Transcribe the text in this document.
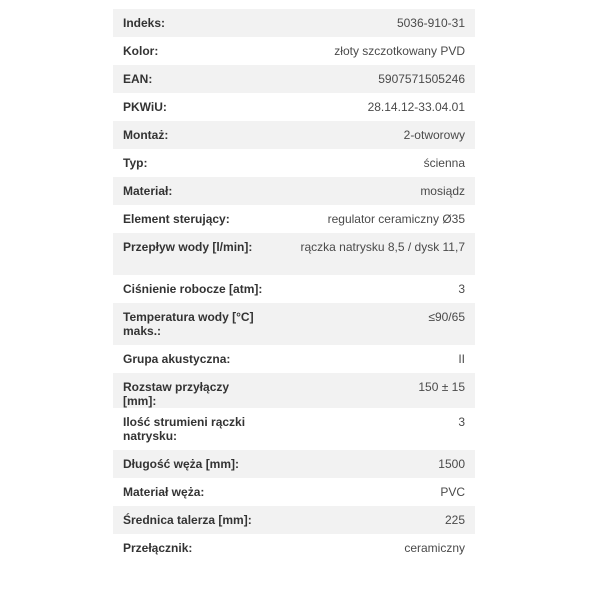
Indeks:	5036-910-31
Kolor:	złoty szczotkowany PVD
EAN:	5907571505246
PKWiU:	28.14.12-33.04.01
Montaż:	2-otworowy
Typ:	ścienna
Materiał:	mosiądz
Element sterujący:	regulator ceramiczny Ø35
Przepływ wody [l/min]:	rączka natrysku 8,5 / dysk 11,7
Ciśnienie robocze [atm]:	3
Temperatura wody [°C] maks.:	≤90/65
Grupa akustyczna:	II
Rozstaw przyłączy [mm]:	150 ± 15
Ilość strumieni rączki natrysku:	3
Długość węża [mm]:	1500
Materiał węża:	PVC
Średnica talerza [mm]:	225
Przełącznik:	ceramiczny
